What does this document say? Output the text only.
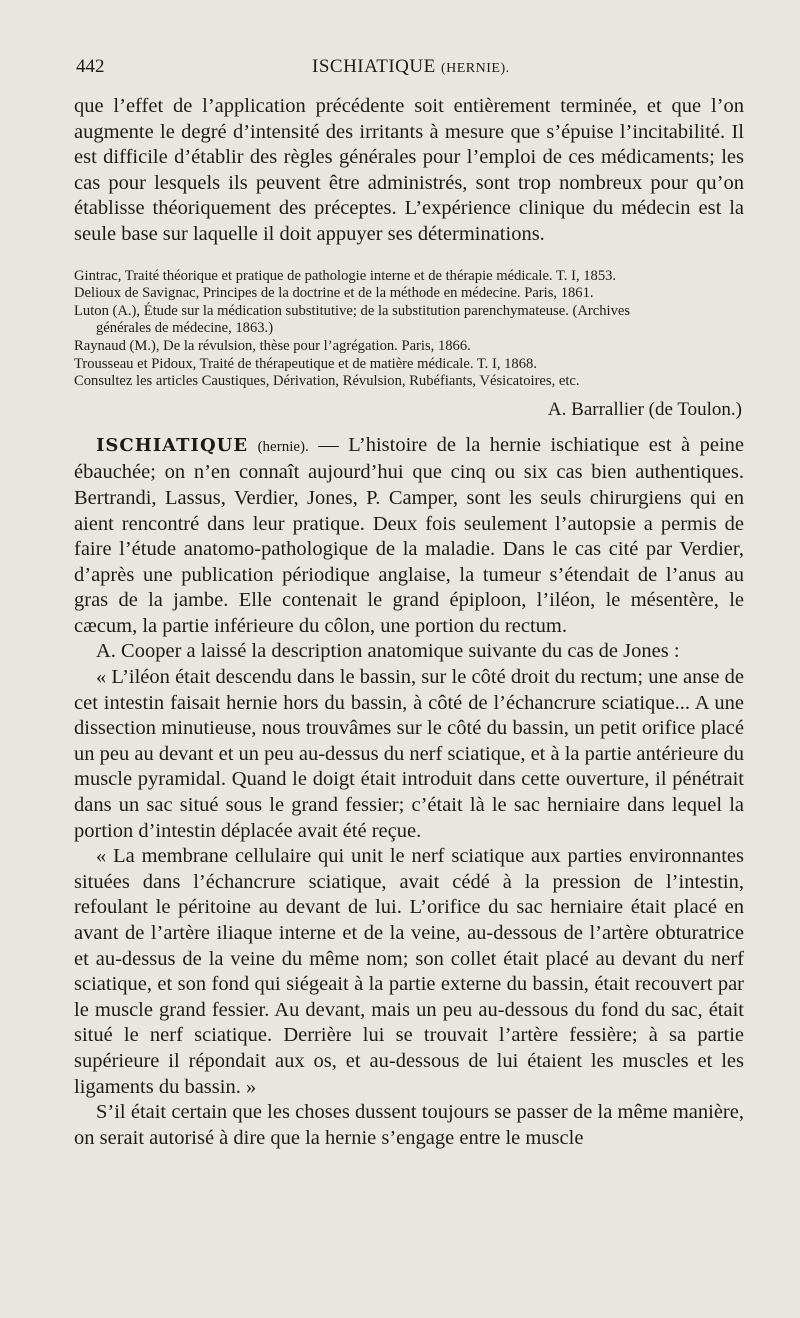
442	ISCHIATIQUE (HERNIE).

que l’effet de l’application précédente soit entièrement terminée, et que l’on augmente le degré d’intensité des irritants à mesure que s’épuise l’incitabilité. Il est difficile d’établir des règles générales pour l’emploi de ces médicaments; les cas pour lesquels ils peuvent être administrés, sont trop nombreux pour qu’on établisse théoriquement des préceptes. L’expérience clinique du médecin est la seule base sur laquelle il doit appuyer ses déterminations.

Gintrac, Traité théorique et pratique de pathologie interne et de thérapie médicale. T. I, 1853.

Delioux de Savignac, Principes de la doctrine et de la méthode en médecine. Paris, 1861.

Luton (A.), Étude sur la médication substitutive; de la substitution parenchymateuse. (Archives

générales de médecine, 1863.)

Raynaud (M.), De la révulsion, thèse pour l’agrégation. Paris, 1866.

Trousseau et Pidoux, Traité de thérapeutique et de matière médicale. T. I, 1868.

Consultez les articles Caustiques, Dérivation, Révulsion, Rubéfiants, Vésicatoires, etc.

A. Barrallier (de Toulon.)

ISCHIATIQUE (hernie). — L’histoire de la hernie ischiatique est à peine ébauchée; on n’en connaît aujourd’hui que cinq ou six cas bien authentiques. Bertrandi, Lassus, Verdier, Jones, P. Camper, sont les seuls chirurgiens qui en aient rencontré dans leur pratique. Deux fois seulement l’autopsie a permis de faire l’étude anatomo-pathologique de la maladie. Dans le cas cité par Verdier, d’après une publication périodique anglaise, la tumeur s’étendait de l’anus au gras de la jambe. Elle contenait le grand épiploon, l’iléon, le mésentère, le cæcum, la partie inférieure du côlon, une portion du rectum.

A. Cooper a laissé la description anatomique suivante du cas de Jones :

« L’iléon était descendu dans le bassin, sur le côté droit du rectum; une anse de cet intestin faisait hernie hors du bassin, à côté de l’échancrure sciatique... A une dissection minutieuse, nous trouvâmes sur le côté du bassin, un petit orifice placé un peu au devant et un peu au-dessus du nerf sciatique, et à la partie antérieure du muscle pyramidal. Quand le doigt était introduit dans cette ouverture, il pénétrait dans un sac situé sous le grand fessier; c’était là le sac herniaire dans lequel la portion d’intestin déplacée avait été reçue.

« La membrane cellulaire qui unit le nerf sciatique aux parties environnantes situées dans l’échancrure sciatique, avait cédé à la pression de l’intestin, refoulant le péritoine au devant de lui. L’orifice du sac herniaire était placé en avant de l’artère iliaque interne et de la veine, au-dessous de l’artère obturatrice et au-dessus de la veine du même nom; son collet était placé au devant du nerf sciatique, et son fond qui siégeait à la partie externe du bassin, était recouvert par le muscle grand fessier. Au devant, mais un peu au-dessous du fond du sac, était situé le nerf sciatique. Derrière lui se trouvait l’artère fessière; à sa partie supérieure il répondait aux os, et au-dessous de lui étaient les muscles et les ligaments du bassin. »

S’il était certain que les choses dussent toujours se passer de la même manière, on serait autorisé à dire que la hernie s’engage entre le muscle
